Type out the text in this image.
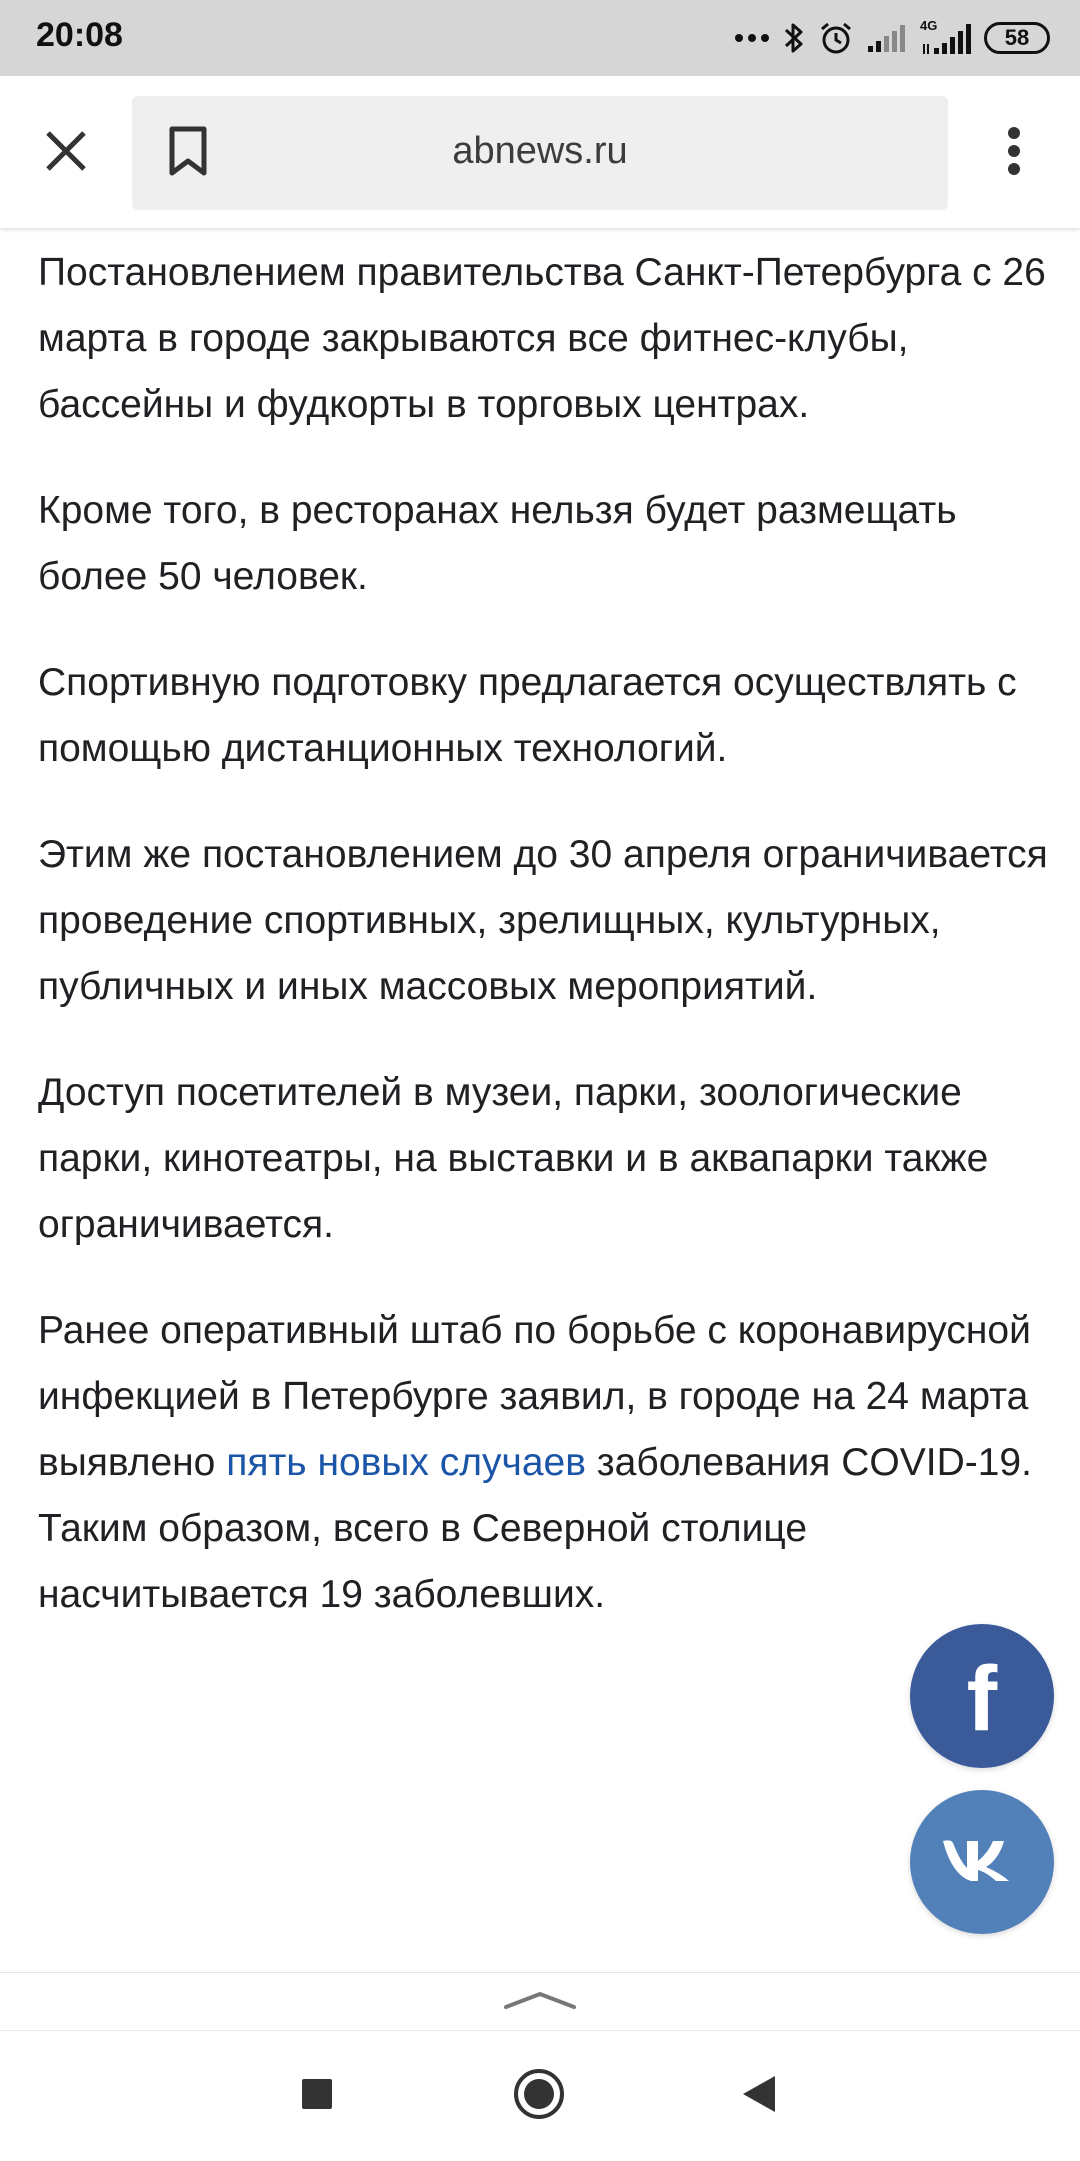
20:08	4G	58
abnews.ru

Постановлением правительства Санкт-Петербурга с 26 марта в городе закрываются все фитнес-клубы, бассейны и фудкорты в торговых центрах.

Кроме того, в ресторанах нельзя будет размещать более 50 человек.

Спортивную подготовку предлагается осуществлять с помощью дистанционных технологий.

Этим же постановлением до 30 апреля ограничивается проведение спортивных, зрелищных, культурных, публичных и иных массовых мероприятий.

Доступ посетителей в музеи, парки, зоологические парки, кинотеатры, на выставки и в аквапарки также ограничивается.

Ранее оперативный штаб по борьбе с коронавирусной инфекцией в Петербурге заявил, в городе на 24 марта выявлено пять новых случаев заболевания COVID-19. Таким образом, всего в Северной столице насчитывается 19 заболевших.

f
